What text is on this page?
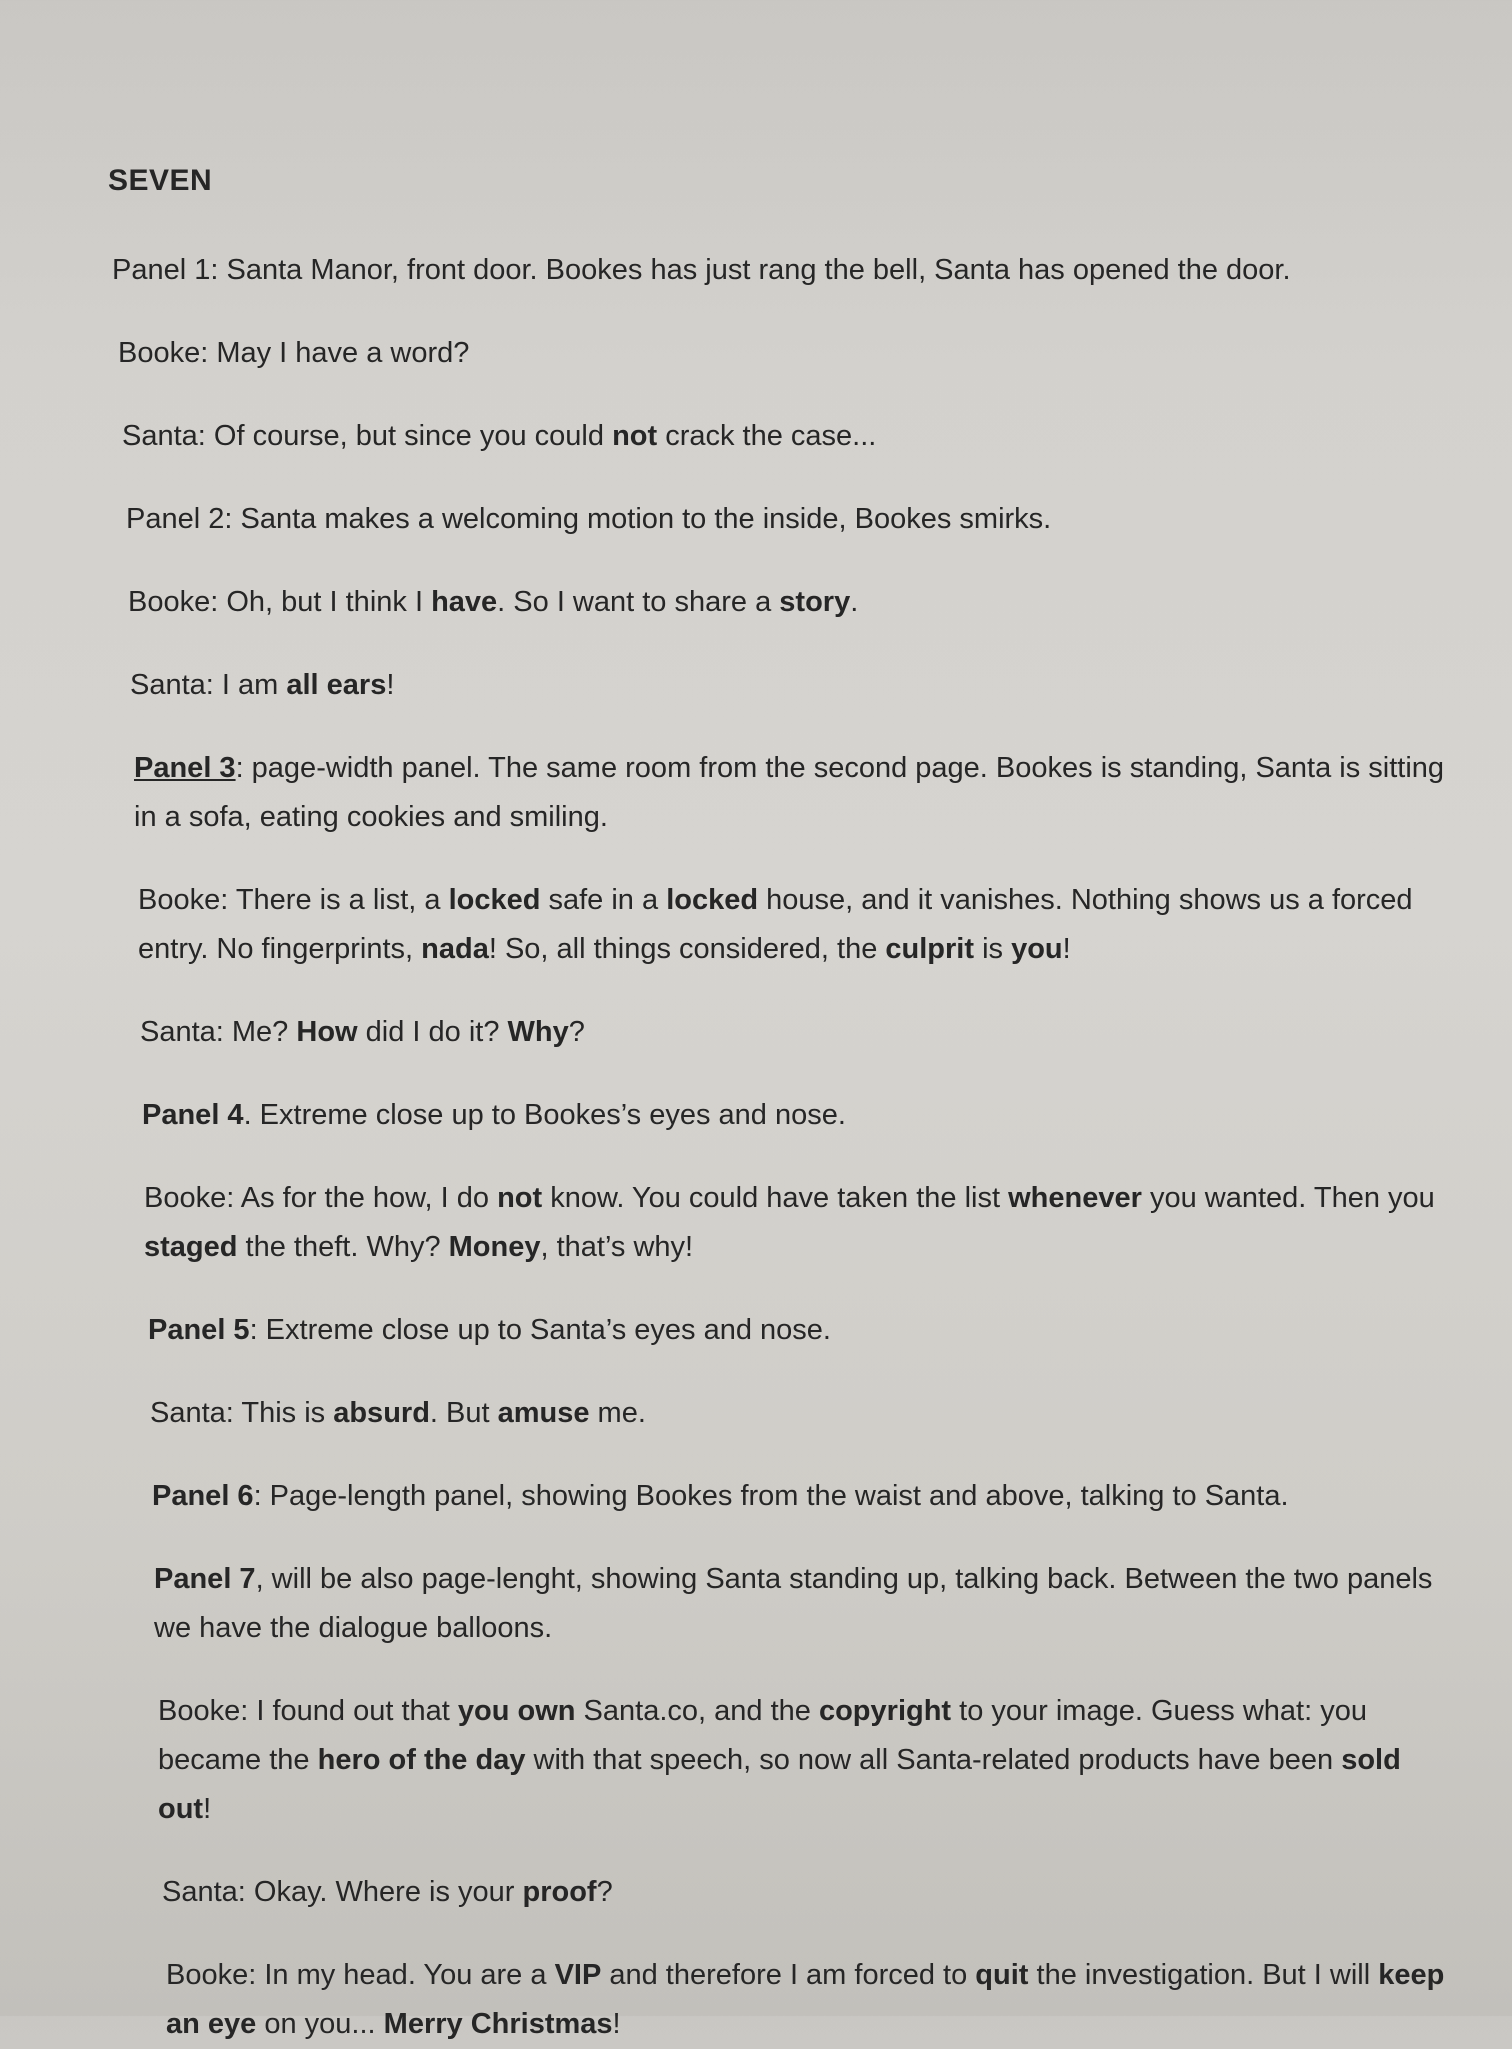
SEVEN
Panel 1: Santa Manor, front door. Bookes has just rang the bell, Santa has opened the door.
Booke: May I have a word?
Santa: Of course, but since you could not crack the case...
Panel 2: Santa makes a welcoming motion to the inside, Bookes smirks.
Booke: Oh, but I think I have. So I want to share a story.
Santa: I am all ears!
Panel 3: page-width panel. The same room from the second page. Bookes is standing, Santa is sitting in a sofa, eating cookies and smiling.
Booke: There is a list, a locked safe in a locked house, and it vanishes. Nothing shows us a forced entry. No fingerprints, nada! So, all things considered, the culprit is you!
Santa: Me? How did I do it? Why?
Panel 4. Extreme close up to Bookes’s eyes and nose.
Booke: As for the how, I do not know. You could have taken the list whenever you wanted. Then you staged the theft. Why? Money, that’s why!
Panel 5: Extreme close up to Santa’s eyes and nose.
Santa: This is absurd. But amuse me.
Panel 6: Page-length panel, showing Bookes from the waist and above, talking to Santa.
Panel 7, will be also page-lenght, showing Santa standing up, talking back. Between the two panels we have the dialogue balloons.
Booke: I found out that you own Santa.co, and the copyright to your image. Guess what: you became the hero of the day with that speech, so now all Santa-related products have been sold out!
Santa: Okay. Where is your proof?
Booke: In my head. You are a VIP and therefore I am forced to quit the investigation. But I will keep an eye on you... Merry Christmas!
